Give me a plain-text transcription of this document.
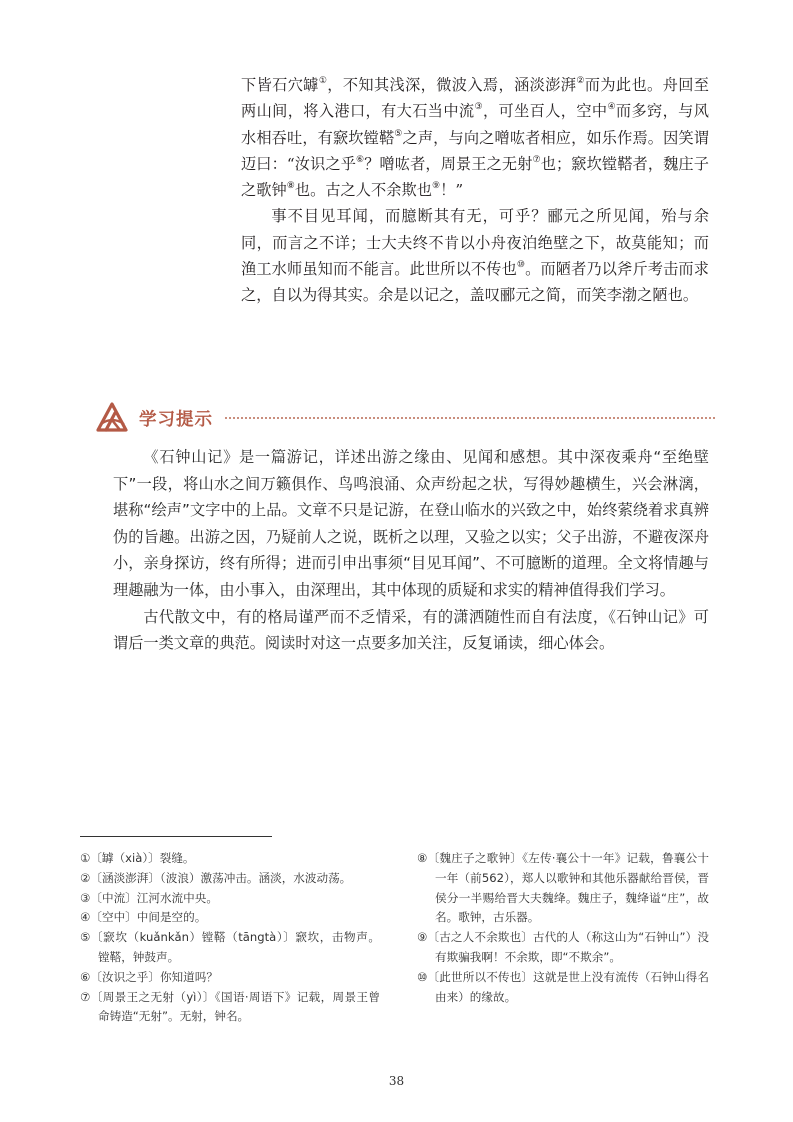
下皆石穴罅①，不知其浅深，微波入焉，涵淡澎湃②而为此也。舟回至两山间，将入港口，有大石当中流③，可坐百人，空中④而多窍，与风水相吞吐，有窾坎镗鞳⑤之声，与向之噌吰者相应，如乐作焉。因笑谓迈曰：“汝识之乎⑥？噌吰者，周景王之无射⑦也；窾坎镗鞳者，魏庄子之歌钟⑧也。古之人不余欺也⑨！”

事不目见耳闻，而臆断其有无，可乎？郦元之所见闻，殆与余同，而言之不详；士大夫终不肯以小舟夜泊绝壁之下，故莫能知；而渔工水师虽知而不能言。此世所以不传也⑩。而陋者乃以斧斤考击而求之，自以为得其实。余是以记之，盖叹郦元之简，而笑李渤之陋也。

学习提示

《石钟山记》是一篇游记，详述出游之缘由、见闻和感想。其中深夜乘舟“至绝壁下”一段，将山水之间万籁俱作、鸟鸣浪涌、众声纷起之状，写得妙趣横生，兴会淋漓，堪称“绘声”文字中的上品。文章不只是记游，在登山临水的兴致之中，始终萦绕着求真辨伪的旨趣。出游之因，乃疑前人之说，既析之以理，又验之以实；父子出游，不避夜深舟小，亲身探访，终有所得；进而引申出事须“目见耳闻”、不可臆断的道理。全文将情趣与理趣融为一体，由小事入，由深理出，其中体现的质疑和求实的精神值得我们学习。

古代散文中，有的格局谨严而不乏情采，有的潇洒随性而自有法度，《石钟山记》可谓后一类文章的典范。阅读时对这一点要多加关注，反复诵读，细心体会。

①〔罅（xià）〕裂缝。
②〔涵淡澎湃〕（波浪）激荡冲击。涵淡，水波动荡。
③〔中流〕江河水流中央。
④〔空中〕中间是空的。
⑤〔窾坎（kuǎnkǎn）镗鞳（tāngtà）〕窾坎，击物声。镗鞳，钟鼓声。
⑥〔汝识之乎〕你知道吗？
⑦〔周景王之无射（yì）〕《国语·周语下》记载，周景王曾命铸造“无射”。无射，钟名。
⑧〔魏庄子之歌钟〕《左传·襄公十一年》记载，鲁襄公十一年（前562），郑人以歌钟和其他乐器献给晋侯，晋侯分一半赐给晋大夫魏绛。魏庄子，魏绛谥“庄”，故名。歌钟，古乐器。
⑨〔古之人不余欺也〕古代的人（称这山为“石钟山”）没有欺骗我啊！不余欺，即“不欺余”。
⑩〔此世所以不传也〕这就是世上没有流传（石钟山得名由来）的缘故。
38
